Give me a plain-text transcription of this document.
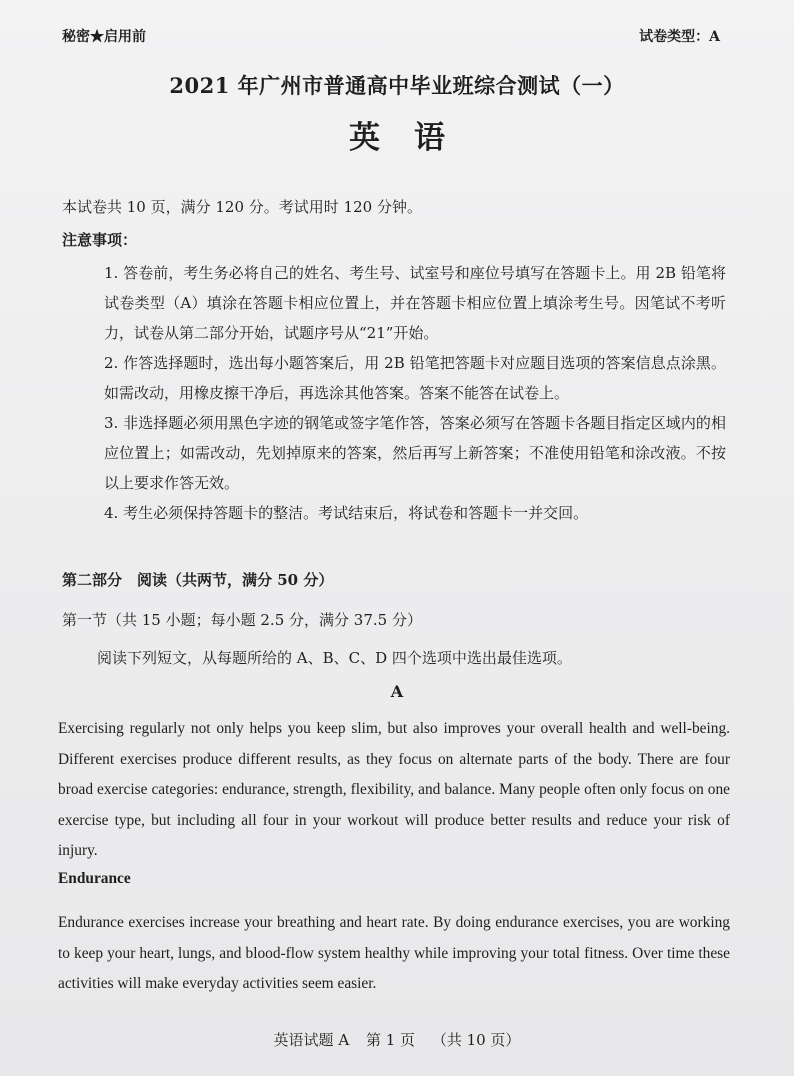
秘密★启用前	试卷类型：A
2021 年广州市普通高中毕业班综合测试（一）
英语
本试卷共 10 页，满分 120 分。考试用时 120 分钟。
注意事项：

1. 答卷前，考生务必将自己的姓名、考生号、试室号和座位号填写在答题卡上。用 2B 铅笔将试卷类型（A）填涂在答题卡相应位置上，并在答题卡相应位置上填涂考生号。因笔试不考听力，试卷从第二部分开始，试题序号从“21”开始。

2. 作答选择题时，选出每小题答案后，用 2B 铅笔把答题卡对应题目选项的答案信息点涂黑。如需改动，用橡皮擦干净后，再选涂其他答案。答案不能答在试卷上。

3. 非选择题必须用黑色字迹的钢笔或签字笔作答，答案必须写在答题卡各题目指定区域内的相应位置上；如需改动，先划掉原来的答案，然后再写上新答案；不准使用铅笔和涂改液。不按以上要求作答无效。

4. 考生必须保持答题卡的整洁。考试结束后，将试卷和答题卡一并交回。

第二部分　阅读（共两节，满分 50 分）
第一节（共 15 小题；每小题 2.5 分，满分 37.5 分）
阅读下列短文，从每题所给的 A、B、C、D 四个选项中选出最佳选项。
A
Exercising regularly not only helps you keep slim, but also improves your overall health and well-being. Different exercises produce different results, as they focus on alternate parts of the body. There are four broad exercise categories: endurance, strength, flexibility, and balance. Many people often only focus on one exercise type, but including all four in your workout will produce better results and reduce your risk of injury.
Endurance
Endurance exercises increase your breathing and heart rate. By doing endurance exercises, you are working to keep your heart, lungs, and blood-flow system healthy while improving your total fitness. Over time these activities will make everyday activities seem easier.
英语试题 A 第 1 页 （共 10 页）
